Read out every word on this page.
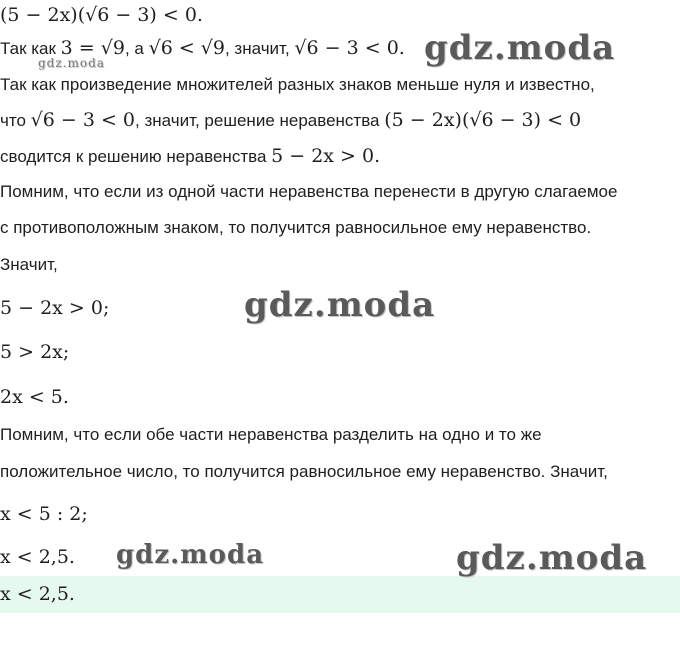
(5 − 2x)(√6 − 3) < 0.
Так как 3 = √9, а √6 < √9, значит, √6 − 3 < 0.
Так как произведение множителей разных знаков меньше нуля и известно,
что √6 − 3 < 0, значит, решение неравенства (5 − 2x)(√6 − 3) < 0
сводится к решению неравенства 5 − 2x > 0.
Помним, что если из одной части неравенства перенести в другую слагаемое
с противоположным знаком, то получится равносильное ему неравенство.
Значит,
5 − 2x > 0;
5 > 2x;
2x < 5.
Помним, что если обе части неравенства разделить на одно и то же
положительное число, то получится равносильное ему неравенство. Значит,
x < 5 : 2;
x < 2,5.
x < 2,5.
gdz.moda
gdz.moda
gdz.moda
gdz.moda	gdz.moda
